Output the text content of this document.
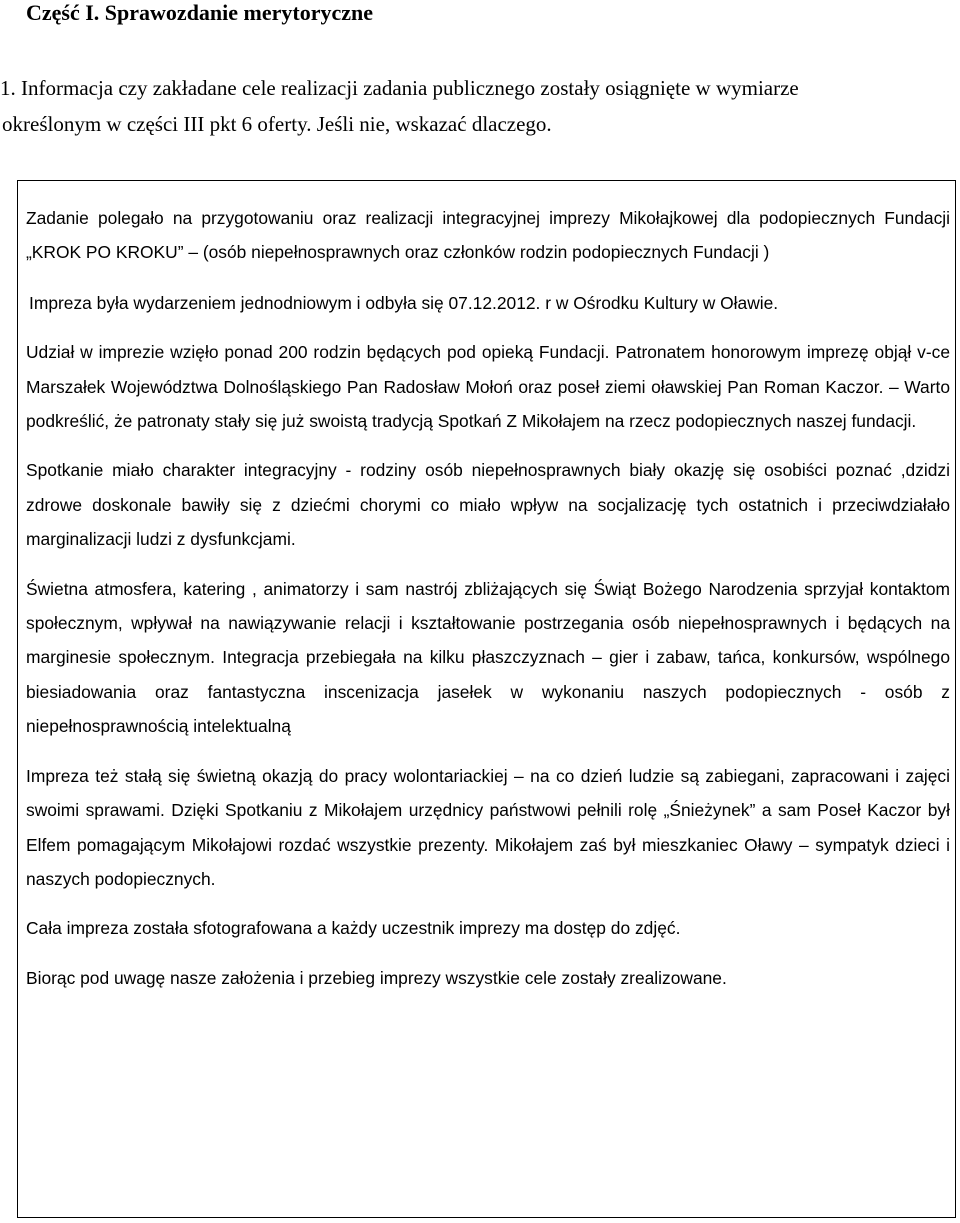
Część I. Sprawozdanie merytoryczne
1. Informacja czy zakładane cele realizacji zadania publicznego zostały osiągnięte w wymiarze
określonym w części III pkt 6 oferty. Jeśli nie, wskazać dlaczego.

Zadanie polegało na przygotowaniu oraz realizacji integracyjnej imprezy Mikołajkowej dla podopiecznych Fundacji „KROK PO KROKU” – (osób niepełnosprawnych oraz członków rodzin podopiecznych Fundacji )

Impreza była wydarzeniem jednodniowym i odbyła się 07.12.2012. r w Ośrodku Kultury w Oławie.

Udział w imprezie wzięło ponad 200 rodzin będących pod opieką Fundacji. Patronatem honorowym imprezę objął v-ce Marszałek Województwa Dolnośląskiego Pan Radosław Mołoń oraz poseł ziemi oławskiej Pan Roman Kaczor. – Warto podkreślić, że patronaty stały się już swoistą tradycją Spotkań Z Mikołajem na rzecz podopiecznych naszej fundacji.

Spotkanie miało charakter integracyjny - rodziny osób niepełnosprawnych biały okazję się osobiści poznać ,dzidzi zdrowe doskonale bawiły się z dziećmi chorymi co miało wpływ na socjalizację tych ostatnich i przeciwdziałało marginalizacji ludzi z dysfunkcjami.

Świetna atmosfera, katering , animatorzy i sam nastrój zbliżających się Świąt Bożego Narodzenia sprzyjał kontaktom społecznym, wpływał na nawiązywanie relacji i kształtowanie postrzegania osób niepełnosprawnych i będących na marginesie społecznym. Integracja przebiegała na kilku płaszczyznach – gier i zabaw, tańca, konkursów, wspólnego biesiadowania oraz fantastyczna inscenizacja jasełek w wykonaniu naszych podopiecznych - osób z niepełnosprawnością intelektualną

Impreza też stałą się świetną okazją do pracy wolontariackiej – na co dzień ludzie są zabiegani, zapracowani i zajęci swoimi sprawami. Dzięki Spotkaniu z Mikołajem urzędnicy państwowi pełnili rolę „Śnieżynek” a sam Poseł Kaczor był Elfem pomagającym Mikołajowi rozdać wszystkie prezenty. Mikołajem zaś był mieszkaniec Oławy – sympatyk dzieci i naszych podopiecznych.

Cała impreza została sfotografowana a każdy uczestnik imprezy ma dostęp do zdjęć.

Biorąc pod uwagę nasze założenia i przebieg imprezy wszystkie cele zostały zrealizowane.
